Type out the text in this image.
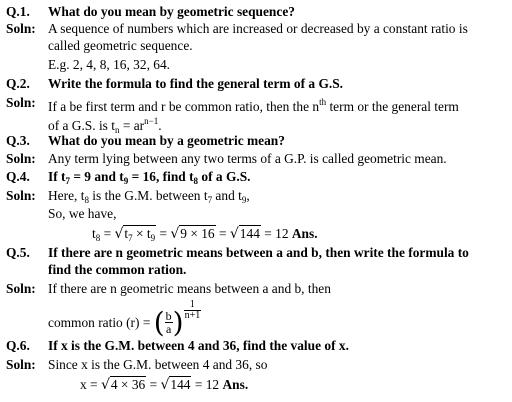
Q.1.	What do you mean by geometric sequence?
Soln: A sequence of numbers which are increased or decreased by a constant ratio is
called geometric sequence.
E.g. 2, 4, 8, 16, 32, 64.
Q.2.	Write the formula to find the general term of a G.S.
Soln: If a be first term and r be common ratio, then the $n^{th}$ term or the general term
of a G.S. is $t_n = ar^{n-1}$.
Q.3.	What do you mean by a geometric mean?
Soln: Any term lying between any two terms of a G.P. is called geometric mean.
Q.4.	If $t_7 = 9$ and $t_9 = 16$, find $t_8$ of a G.S.
Soln: Here, $t_8$ is the G.M. between $t_7$ and $t_9$,
So, we have,
$t_8 = √t_7 \times t_9 = √9 \times 16 = √144 = 12$ Ans.
Q.5.	If there are n geometric means between a and b, then write the formula to
find the common ration.
Soln: If there are n geometric means between a and b, then
common ratio (r) = ( $\frac{b}{a}$ ) $\frac{1}{n+1}$
Q.6.	If x is the G.M. between 4 and 36, find the value of x.
Soln: Since x is the G.M. between 4 and 36, so
x = √4 × 36 = √144 = 12 Ans.
